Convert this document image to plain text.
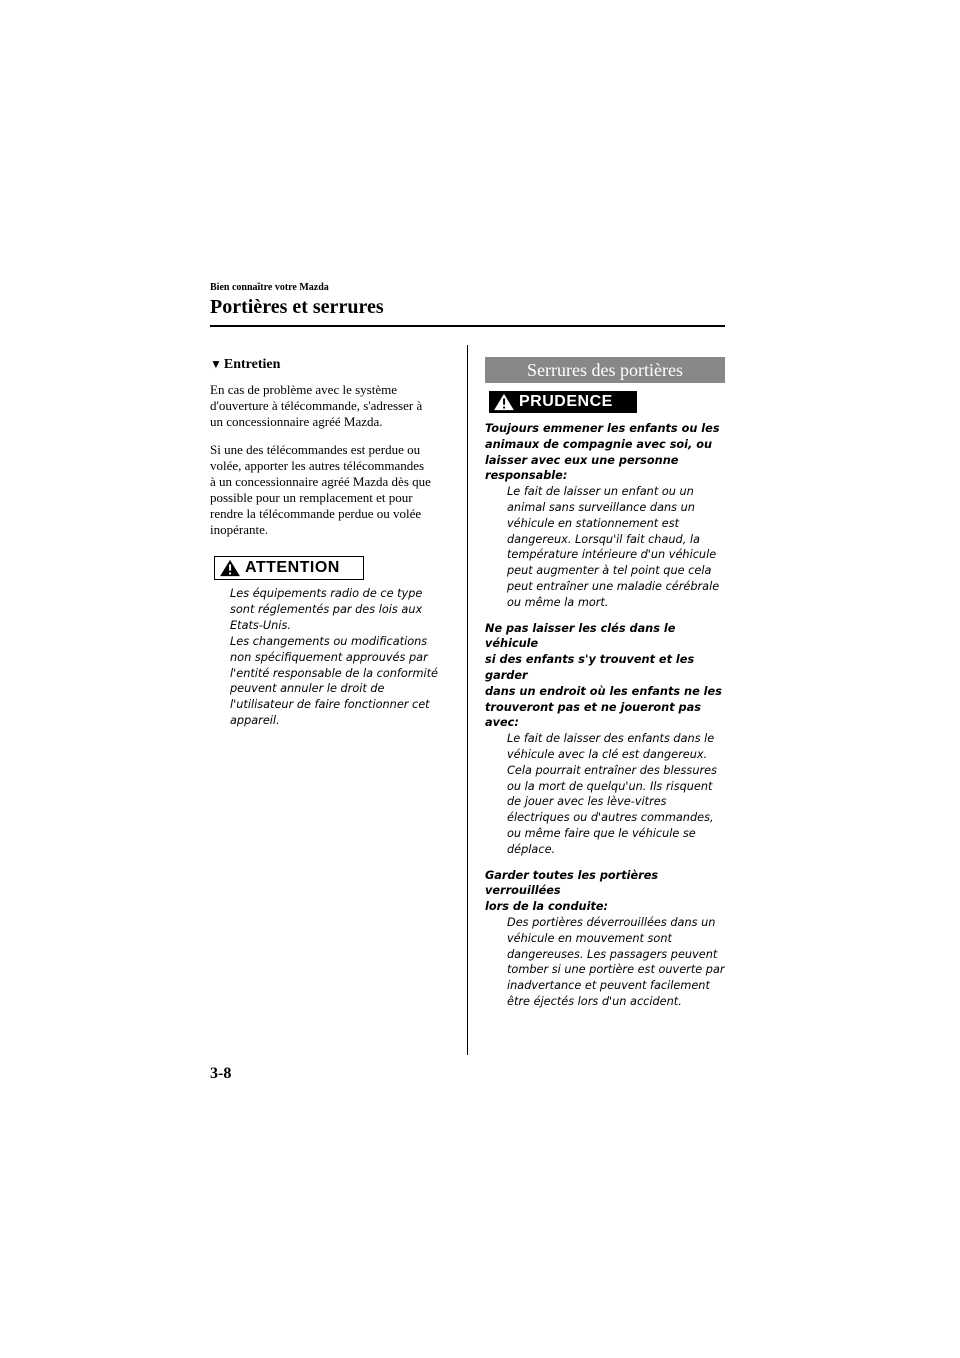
Bien connaître votre Mazda
Portières et serrures
▼ Entretien
En cas de problème avec le système
d'ouverture à télécommande, s'adresser à
un concessionnaire agréé Mazda.
Si une des télécommandes est perdue ou
volée, apporter les autres télécommandes
à un concessionnaire agréé Mazda dès que
possible pour un remplacement et pour
rendre la télécommande perdue ou volée
inopérante.
ATTENTION
Les équipements radio de ce type
sont réglementés par des lois aux
Etats-Unis.
Les changements ou modifications
non spécifiquement approuvés par
l'entité responsable de la conformité
peuvent annuler le droit de
l'utilisateur de faire fonctionner cet
appareil.
Serrures des portières
PRUDENCE
Toujours emmener les enfants ou les
animaux de compagnie avec soi, ou
laisser avec eux une personne
responsable:
Le fait de laisser un enfant ou un
animal sans surveillance dans un
véhicule en stationnement est
dangereux. Lorsqu'il fait chaud, la
température intérieure d'un véhicule
peut augmenter à tel point que cela
peut entraîner une maladie cérébrale
ou même la mort.
Ne pas laisser les clés dans le véhicule
si des enfants s'y trouvent et les garder
dans un endroit où les enfants ne les
trouveront pas et ne joueront pas avec:
Le fait de laisser des enfants dans le
véhicule avec la clé est dangereux.
Cela pourrait entraîner des blessures
ou la mort de quelqu'un. Ils risquent
de jouer avec les lève-vitres
électriques ou d'autres commandes,
ou même faire que le véhicule se
déplace.
Garder toutes les portières verrouillées
lors de la conduite:
Des portières déverrouillées dans un
véhicule en mouvement sont
dangereuses. Les passagers peuvent
tomber si une portière est ouverte par
inadvertance et peuvent facilement
être éjectés lors d'un accident.
3-8
